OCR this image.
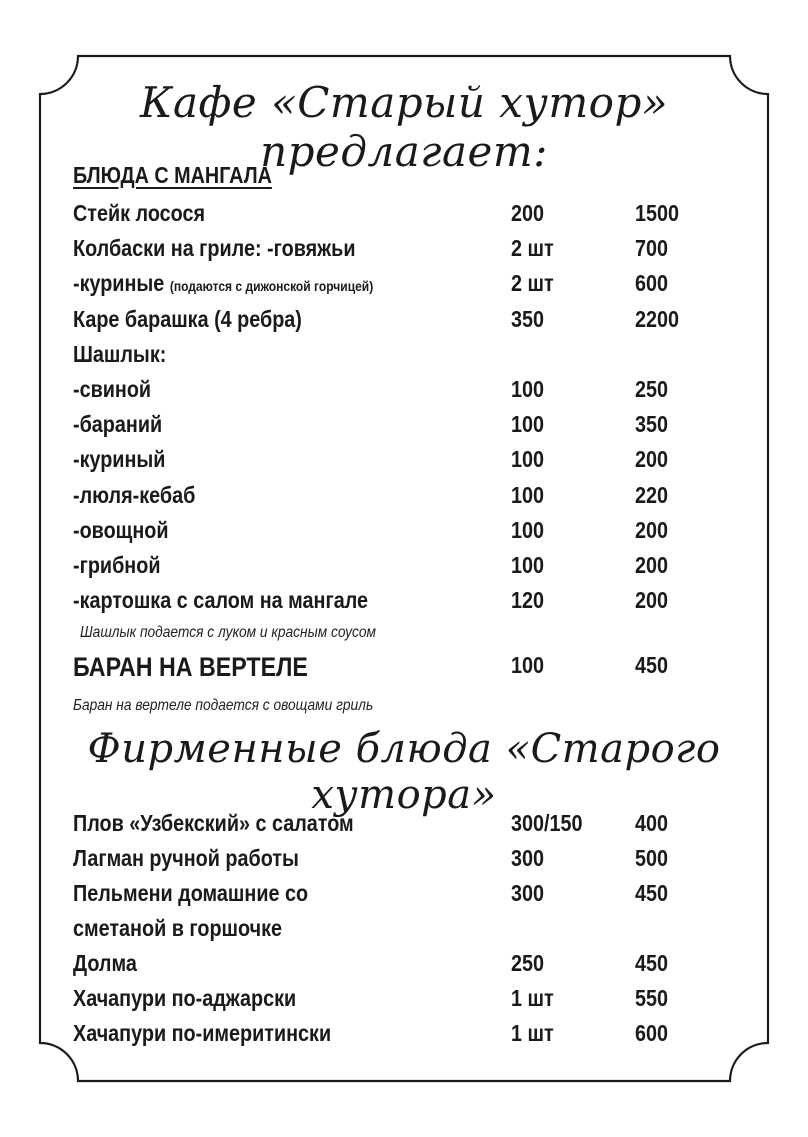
Кафе «Старый хутор» предлагает:
БЛЮДА С МАНГАЛА
Стейк лосося	200	1500
Колбаски на гриле: -говяжьи	2 шт	700
-куриные (подаются с дижонской горчицей)	2 шт	600
Каре барашка (4 ребра)	350	2200
Шашлык:
-свиной	100	250
-бараний	100	350
-куриный	100	200
-люля-кебаб	100	220
-овощной	100	200
-грибной	100	200
-картошка с салом на мангале	120	200
Шашлык подается с луком и красным соусом
БАРАН НА ВЕРТЕЛЕ	100	450
Баран на вертеле подается с овощами гриль
Фирменные блюда «Старого хутора»
Плов «Узбекский» с салатом	300/150 400
Лагман ручной работы	300	500
Пельмени домашние со	300	450
сметаной в горшочке
Долма	250	450
Хачапури по-аджарски	1 шт	550
Хачапури по-имеритински	1 шт	600
